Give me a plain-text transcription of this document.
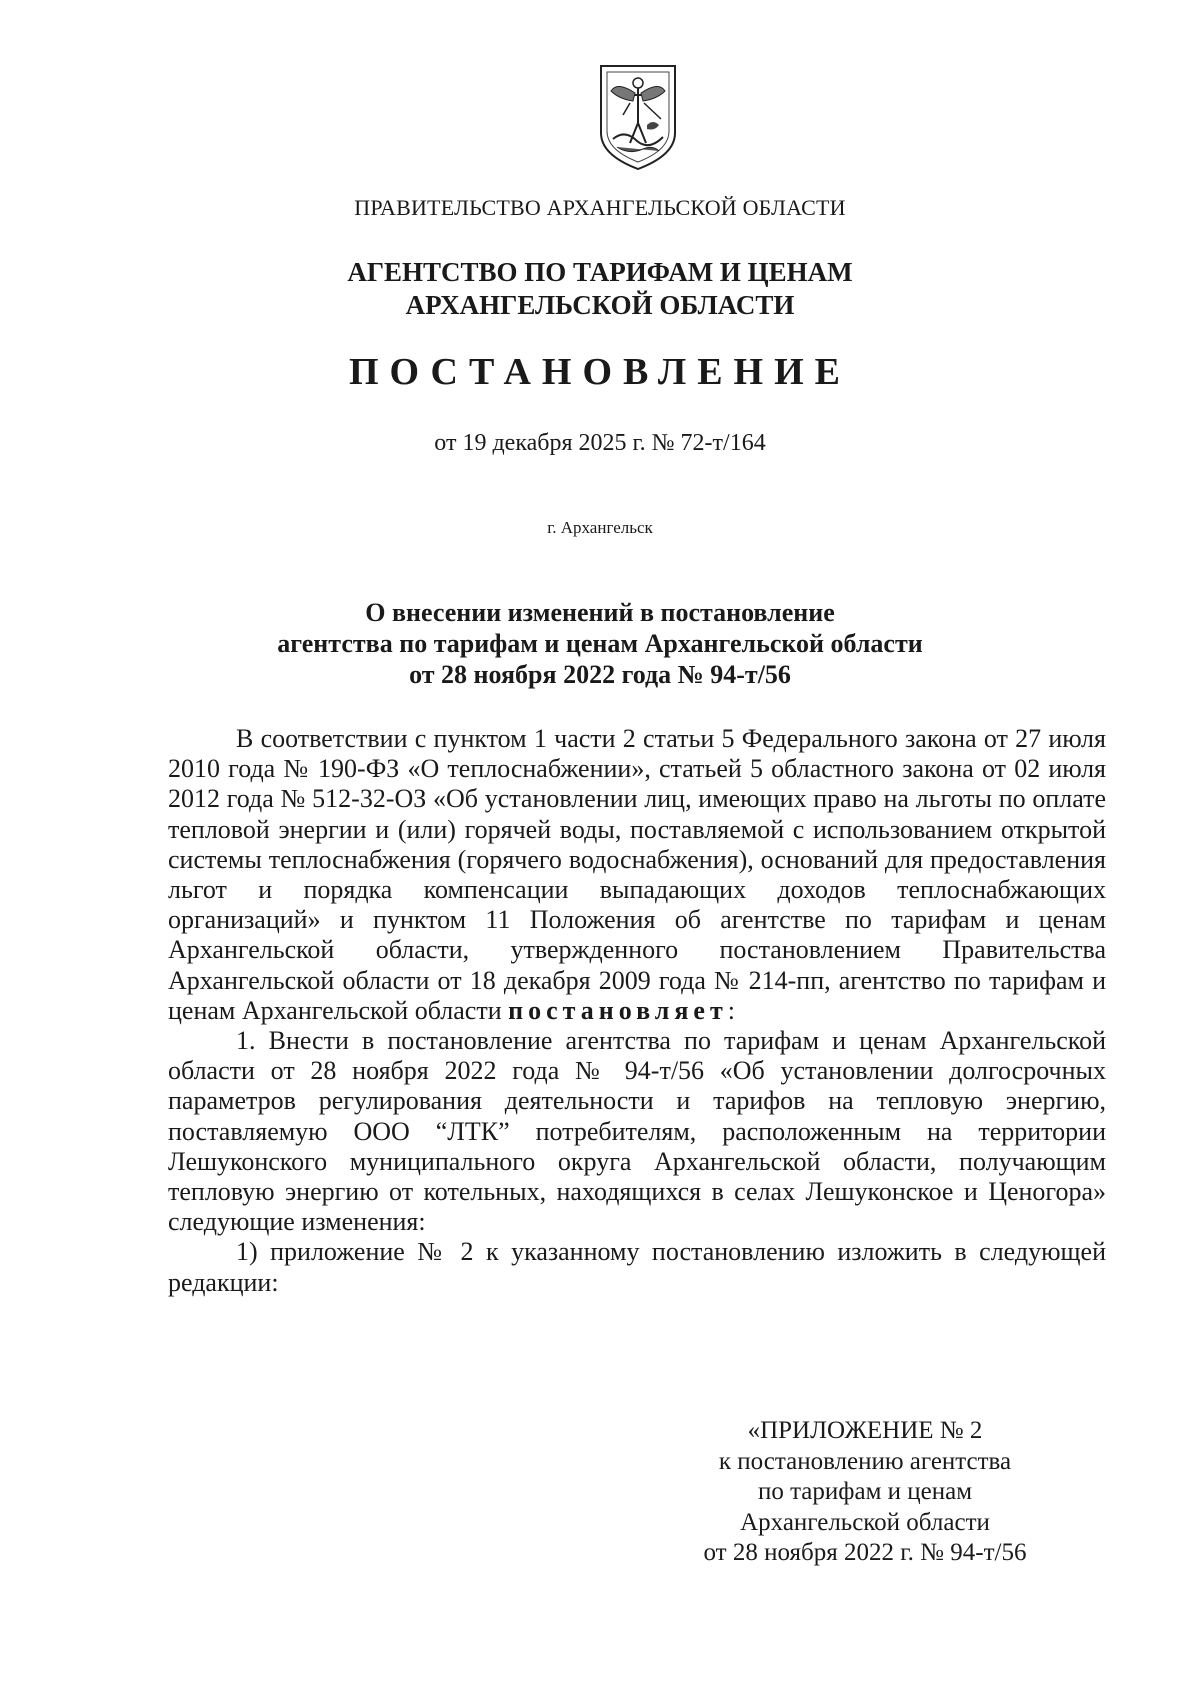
ПРАВИТЕЛЬСТВО АРХАНГЕЛЬСКОЙ ОБЛАСТИ
АГЕНТСТВО ПО ТАРИФАМ И ЦЕНАМ
АРХАНГЕЛЬСКОЙ ОБЛАСТИ
ПОСТАНОВЛЕНИЕ
от 19 декабря 2025 г. № 72-т/164
г. Архангельск
О внесении изменений в постановление
агентства по тарифам и ценам Архангельской области
от 28 ноября 2022 года № 94-т/56

В соответствии с пунктом 1 части 2 статьи 5 Федерального закона от 27 июля 2010 года № 190-ФЗ «О теплоснабжении», статьей 5 областного закона от 02 июля 2012 года № 512-32-ОЗ «Об установлении лиц, имеющих право на льготы по оплате тепловой энергии и (или) горячей воды, поставляемой с использованием открытой системы теплоснабжения (горячего водоснабжения), оснований для предоставления льгот и порядка компенсации выпадающих доходов теплоснабжающих организаций» и пунктом 11 Положения об агентстве по тарифам и ценам Архангельской области, утвержденного постановлением Правительства Архангельской области от 18 декабря 2009 года № 214-пп, агентство по тарифам и ценам Архангельской области постановляет:

1. Внести в постановление агентства по тарифам и ценам Архангельской области от 28 ноября 2022 года № 94-т/56 «Об установлении долгосрочных параметров регулирования деятельности и тарифов на тепловую энергию, поставляемую ООО “ЛТК” потребителям, расположенным на территории Лешуконского муниципального округа Архангельской области, получающим тепловую энергию от котельных, находящихся в селах Лешуконское и Ценогора» следующие изменения:

1) приложение № 2 к указанному постановлению изложить в следующей редакции:

«ПРИЛОЖЕНИЕ № 2
к постановлению агентства
по тарифам и ценам
Архангельской области
от 28 ноября 2022 г. № 94-т/56
